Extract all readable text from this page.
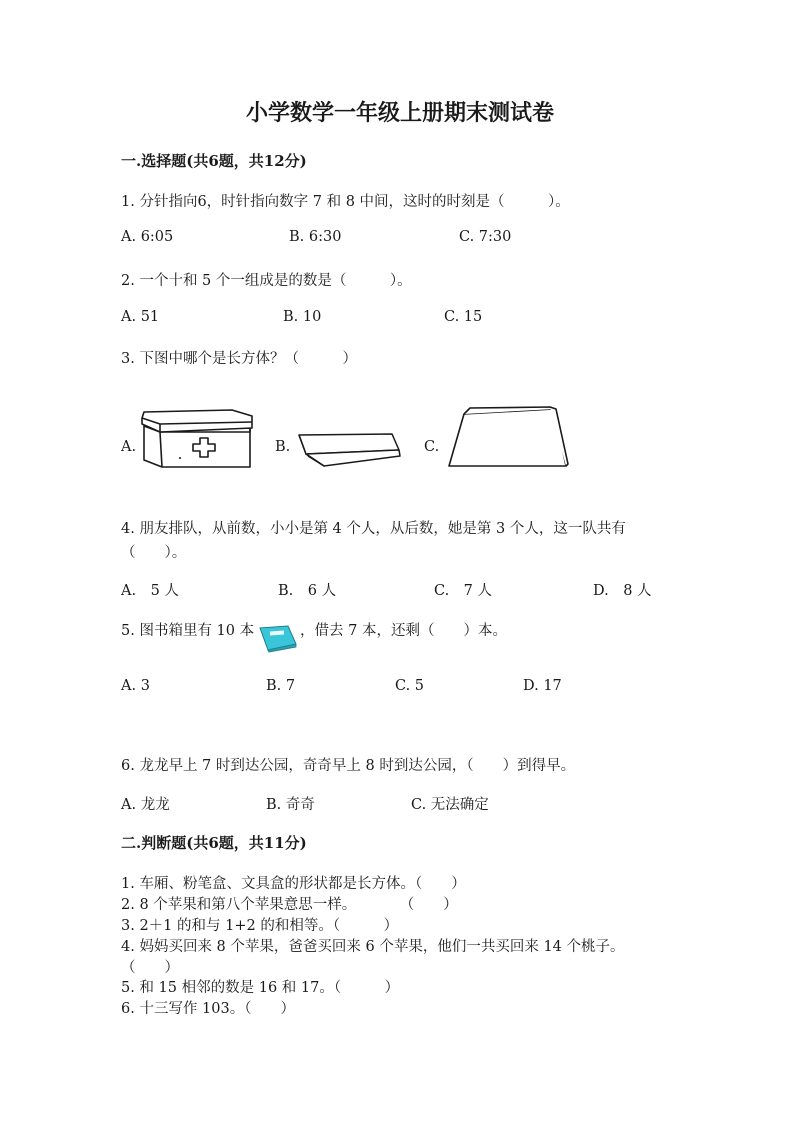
小学数学一年级上册期末测试卷
一.选择题(共6题，共12分)
1. 分针指向6，时针指向数字 7 和 8 中间，这时的时刻是（　　　）。
A. 6:05	B. 6:30	C. 7:30
2. 一个十和 5 个一组成是的数是（　　　）。
A. 51	B. 10	C. 15
3. 下图中哪个是长方体？（　　　）
A.	B.	C.
4. 朋友排队，从前数，小小是第 4 个人，从后数，她是第 3 个人，这一队共有
（　　）。
A.　5 人	B.　6 人	C.　7 人	D.　8 人
5. 图书箱里有 10 本	，借去 7 本，还剩（　　）本。
A. 3	B. 7	C. 5	D. 17
6. 龙龙早上 7 时到达公园，奇奇早上 8 时到达公园，（　　）到得早。
A. 龙龙	B. 奇奇	C. 无法确定
二.判断题(共6题，共11分)
1. 车厢、粉笔盒、文具盒的形状都是长方体。（　　）
2. 8 个苹果和第八个苹果意思一样。　　　　（　　）
3. 2＋1 的和与 1+2 的和相等。（　　　）
4. 妈妈买回来 8 个苹果，爸爸买回来 6 个苹果，他们一共买回来 14 个桃子。
（　　）
5. 和 15 相邻的数是 16 和 17。（　　　）
6. 十三写作 103。（　　）
